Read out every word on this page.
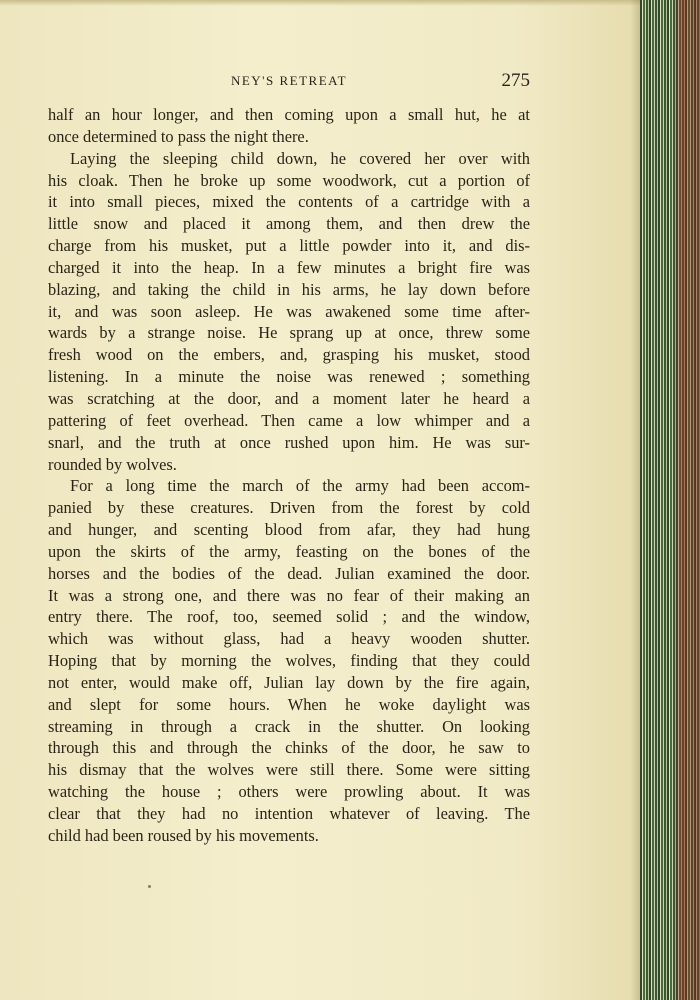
NEY'S RETREAT	275
half an hour longer, and then coming upon a small hut, he at
once determined to pass the night there.
Laying the sleeping child down, he covered her over with
his cloak. Then he broke up some woodwork, cut a portion of
it into small pieces, mixed the contents of a cartridge with a
little snow and placed it among them, and then drew the
charge from his musket, put a little powder into it, and dis-
charged it into the heap. In a few minutes a bright fire was
blazing, and taking the child in his arms, he lay down before
it, and was soon asleep. He was awakened some time after-
wards by a strange noise. He sprang up at once, threw some
fresh wood on the embers, and, grasping his musket, stood
listening. In a minute the noise was renewed ; something
was scratching at the door, and a moment later he heard a
pattering of feet overhead. Then came a low whimper and a
snarl, and the truth at once rushed upon him. He was sur-
rounded by wolves.
For a long time the march of the army had been accom-
panied by these creatures. Driven from the forest by cold
and hunger, and scenting blood from afar, they had hung
upon the skirts of the army, feasting on the bones of the
horses and the bodies of the dead. Julian examined the door.
It was a strong one, and there was no fear of their making an
entry there. The roof, too, seemed solid ; and the window,
which was without glass, had a heavy wooden shutter.
Hoping that by morning the wolves, finding that they could
not enter, would make off, Julian lay down by the fire again,
and slept for some hours. When he woke daylight was
streaming in through a crack in the shutter. On looking
through this and through the chinks of the door, he saw to
his dismay that the wolves were still there. Some were sitting
watching the house ; others were prowling about. It was
clear that they had no intention whatever of leaving. The
child had been roused by his movements.
